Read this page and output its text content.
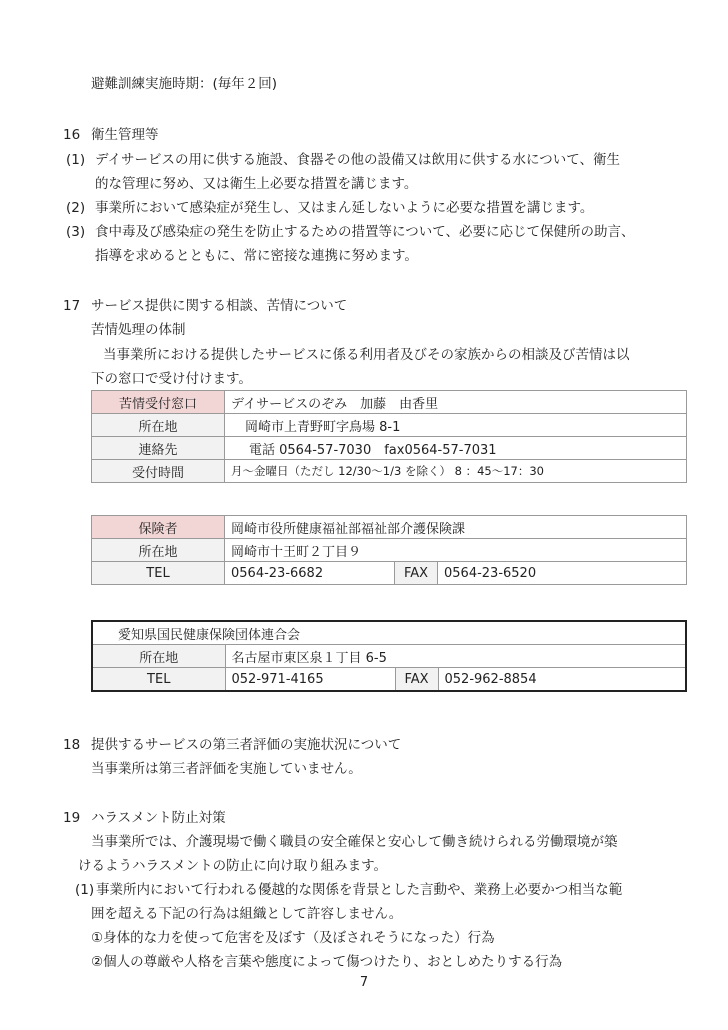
避難訓練実施時期：(毎年２回)
16 衛生管理等
(1) デイサービスの用に供する施設、食器その他の設備又は飲用に供する水について、衛生
的な管理に努め、又は衛生上必要な措置を講じます。
(2) 事業所において感染症が発生し、又はまん延しないように必要な措置を講じます。
(3) 食中毒及び感染症の発生を防止するための措置等について、必要に応じて保健所の助言、
指導を求めるとともに、常に密接な連携に努めます。
17 サービス提供に関する相談、苦情について
苦情処理の体制
当事業所における提供したサービスに係る利用者及びその家族からの相談及び苦情は以
下の窓口で受け付けます。
苦情受付窓口	デイサービスのぞみ　加藤　由香里
所在地	岡崎市上青野町字鳥場 8-1
連絡先	電話 0564-57-7030　fax0564-57-7031
受付時間	月～金曜日（ただし 12/30～1/3 を除く） 8 ：45～17：30
保険者	岡崎市役所健康福祉部福祉部介護保険課		
所在地	岡崎市十王町２丁目９		
TEL	0564-23-6682	FAX	0564-23-6520
愛知県国民健康保険団体連合会			
所在地	名古屋市東区泉１丁目 6-5		
TEL	052-971-4165	FAX	052-962-8854
18 提供するサービスの第三者評価の実施状況について
当事業所は第三者評価を実施していません。
19 ハラスメント防止対策
当事業所では、介護現場で働く職員の安全確保と安心して働き続けられる労働環境が築
けるようハラスメントの防止に向け取り組みます。
(1) 事業所内において行われる優越的な関係を背景とした言動や、業務上必要かつ相当な範
囲を超える下記の行為は組織として許容しません。
①身体的な力を使って危害を及ぼす（及ぼされそうになった）行為
②個人の尊厳や人格を言葉や態度によって傷つけたり、おとしめたりする行為
7
